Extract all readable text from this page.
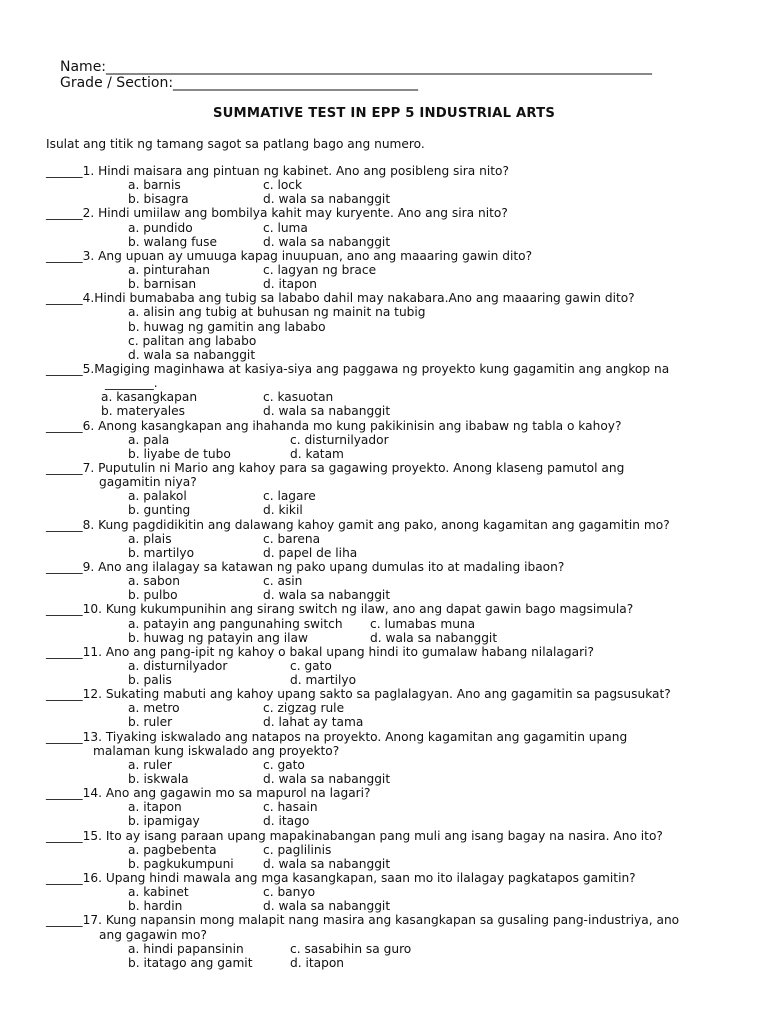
Name:______________________________________________________________________________
Grade / Section:___________________________________
SUMMATIVE TEST IN EPP 5 INDUSTRIAL ARTS
Isulat ang titik ng tamang sagot sa patlang bago ang numero.
______1. Hindi maisara ang pintuan ng kabinet. Ano ang posibleng sira nito?
a. barnis	c. lock
b. bisagra	d. wala sa nabanggit
______2. Hindi umiilaw ang bombilya kahit may kuryente. Ano ang sira nito?
a. pundido	c. luma
b. walang fuse	d. wala sa nabanggit
______3. Ang upuan ay umuuga kapag inuupuan, ano ang maaaring gawin dito?
a. pinturahan	c. lagyan ng brace
b. barnisan	d. itapon
______4.Hindi bumababa ang tubig sa lababo dahil may nakabara.Ano ang maaaring gawin dito?
a. alisin ang tubig at buhusan ng mainit na tubig
b. huwag ng gamitin ang lababo
c. palitan ang lababo
d. wala sa nabanggit
______5.Magiging maginhawa at kasiya-siya ang paggawa ng proyekto kung gagamitin ang angkop na
________.
a. kasangkapan	c. kasuotan
b. materyales	d. wala sa nabanggit
______6. Anong kasangkapan ang ihahanda mo kung pakikinisin ang ibabaw ng tabla o kahoy?
a. pala	c. disturnilyador
b. liyabe de tubo	d. katam
______7. Puputulin ni Mario ang kahoy para sa gagawing proyekto. Anong klaseng pamutol ang
gagamitin niya?
a. palakol	c. lagare
b. gunting	d. kikil
______8. Kung pagdidikitin ang dalawang kahoy gamit ang pako, anong kagamitan ang gagamitin mo?
a. plais	c. barena
b. martilyo	d. papel de liha
______9. Ano ang ilalagay sa katawan ng pako upang dumulas ito at madaling ibaon?
a. sabon	c. asin
b. pulbo	d. wala sa nabanggit
______10. Kung kukumpunihin ang sirang switch ng ilaw, ano ang dapat gawin bago magsimula?
a. patayin ang pangunahing switch c. lumabas muna
b. huwag ng patayin ang ilaw	d. wala sa nabanggit
______11. Ano ang pang-ipit ng kahoy o bakal upang hindi ito gumalaw habang nilalagari?
a. disturnilyador	c. gato
b. palis	d. martilyo
______12. Sukating mabuti ang kahoy upang sakto sa paglalagyan. Ano ang gagamitin sa pagsusukat?
a. metro	c. zigzag rule
b. ruler	d. lahat ay tama
______13. Tiyaking iskwalado ang natapos na proyekto. Anong kagamitan ang gagamitin upang
malaman kung iskwalado ang proyekto?
a. ruler	c. gato
b. iskwala	d. wala sa nabanggit
______14. Ano ang gagawin mo sa mapurol na lagari?
a. itapon	c. hasain
b. ipamigay	d. itago
______15. Ito ay isang paraan upang mapakinabangan pang muli ang isang bagay na nasira. Ano ito?
a. pagbebenta	c. paglilinis
b. pagkukumpuni d. wala sa nabanggit
______16. Upang hindi mawala ang mga kasangkapan, saan mo ito ilalagay pagkatapos gamitin?
a. kabinet	c. banyo
b. hardin	d. wala sa nabanggit
______17. Kung napansin mong malapit nang masira ang kasangkapan sa gusaling pang-industriya, ano
ang gagawin mo?
a. hindi papansinin	c. sasabihin sa guro
b. itatago ang gamit	d. itapon
